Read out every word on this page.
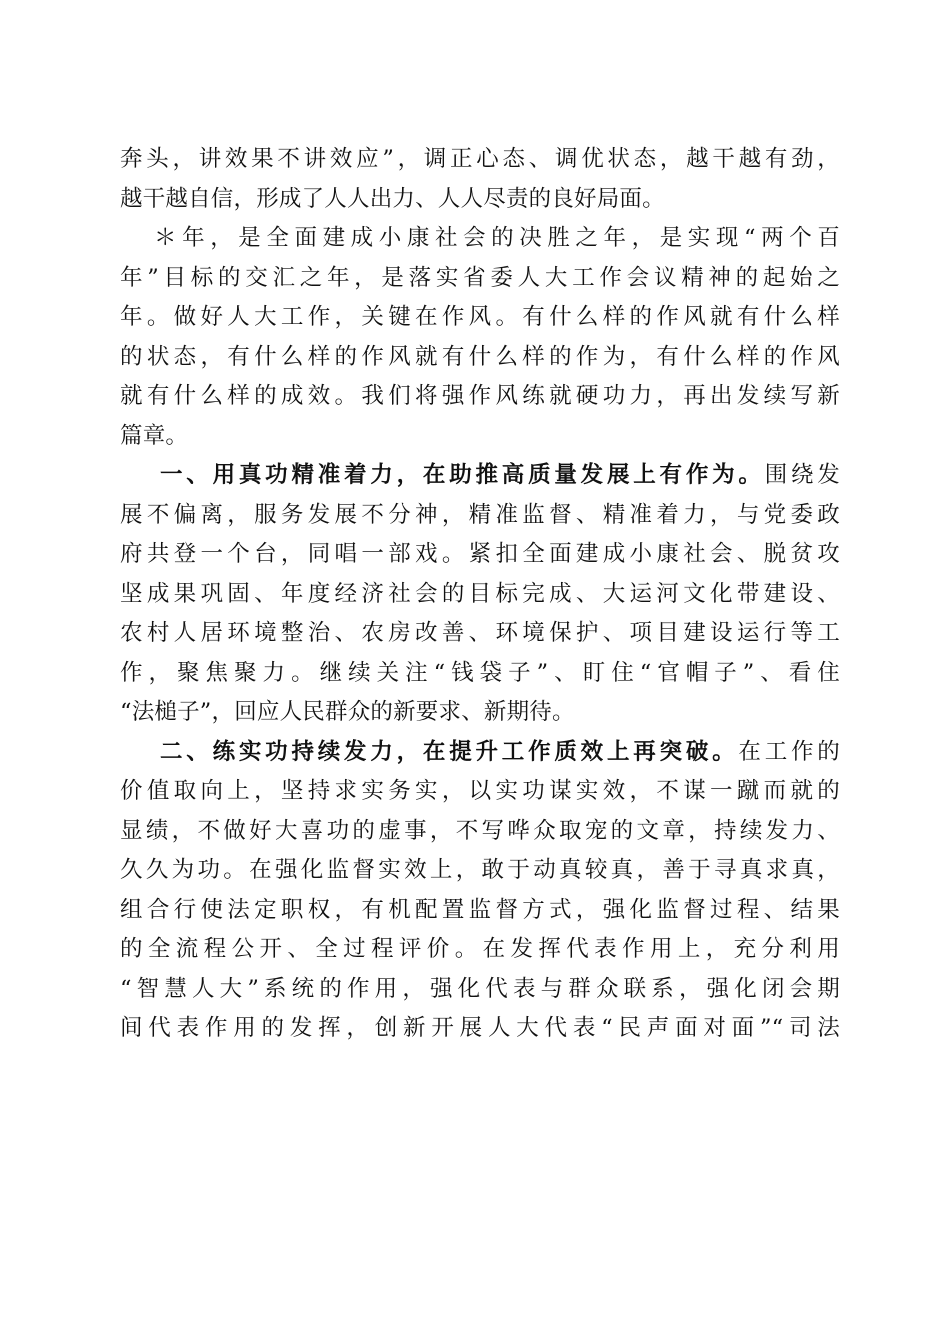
奔头，讲效果不讲效应”，调正心态、调优状态，越干越有劲，
越干越自信，形成了人人出力、人人尽责的良好局面。
＊年，是全面建成小康社会的决胜之年，是实现“两个百
年”目标的交汇之年，是落实省委人大工作会议精神的起始之
年。做好人大工作，关键在作风。有什么样的作风就有什么样
的状态，有什么样的作风就有什么样的作为，有什么样的作风
就有什么样的成效。我们将强作风练就硬功力，再出发续写新
篇章。
一、用真功精准着力，在助推高质量发展上有作为。围绕发
展不偏离，服务发展不分神，精准监督、精准着力，与党委政
府共登一个台，同唱一部戏。紧扣全面建成小康社会、脱贫攻
坚成果巩固、年度经济社会的目标完成、大运河文化带建设、
农村人居环境整治、农房改善、环境保护、项目建设运行等工
作，聚焦聚力。继续关注“钱袋子”、盯住“官帽子”、看住
“法槌子”，回应人民群众的新要求、新期待。
二、练实功持续发力，在提升工作质效上再突破。在工作的
价值取向上，坚持求实务实，以实功谋实效，不谋一蹴而就的
显绩，不做好大喜功的虚事，不写哗众取宠的文章，持续发力、
久久为功。在强化监督实效上，敢于动真较真，善于寻真求真，
组合行使法定职权，有机配置监督方式，强化监督过程、结果
的全流程公开、全过程评价。在发挥代表作用上，充分利用
“智慧人大”系统的作用，强化代表与群众联系，强化闭会期
间代表作用的发挥，创新开展人大代表“民声面对面”“司法
